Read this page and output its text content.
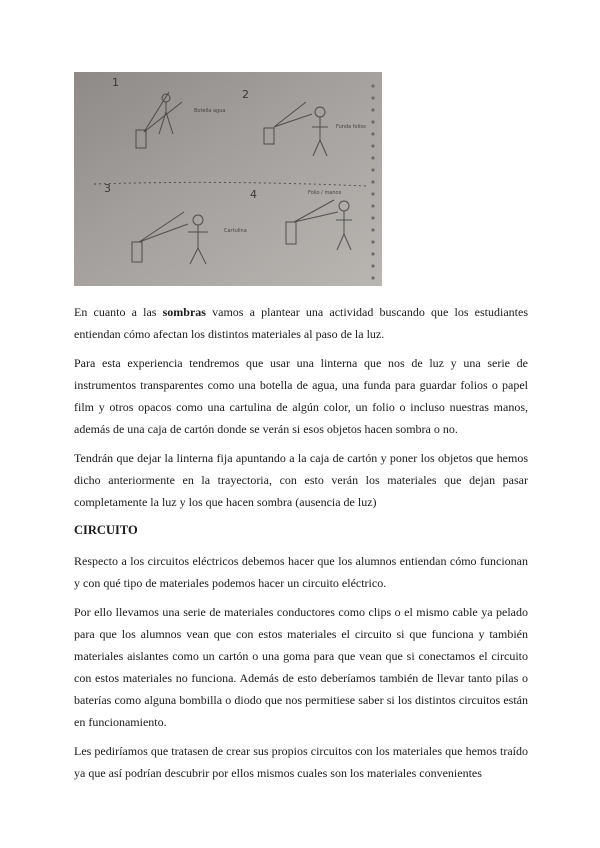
1
2
3	4
Botella agua
Funda folios
Cartulina
Folio / manos

En cuanto a las sombras vamos a plantear una actividad buscando que los estudiantes entiendan cómo afectan los distintos materiales al paso de la luz.

Para esta experiencia tendremos que usar una linterna que nos de luz y una serie de instrumentos transparentes como una botella de agua, una funda para guardar folios o papel film y otros opacos como una cartulina de algún color, un folio o incluso nuestras manos, además de una caja de cartón donde se verán si esos objetos hacen sombra o no.

Tendrán que dejar la linterna fija apuntando a la caja de cartón y poner los objetos que hemos dicho anteriormente en la trayectoria, con esto verán los materiales que dejan pasar completamente la luz y los que hacen sombra (ausencia de luz)

CIRCUITO

Respecto a los circuitos eléctricos debemos hacer que los alumnos entiendan cómo funcionan y con qué tipo de materiales podemos hacer un circuito eléctrico.

Por ello llevamos una serie de materiales conductores como clips o el mismo cable ya pelado para que los alumnos vean que con estos materiales el circuito si que funciona y también materiales aislantes como un cartón o una goma para que vean que si conectamos el circuito con estos materiales no funciona. Además de esto deberíamos también de llevar tanto pilas o baterías como alguna bombilla o diodo que nos permitiese saber si los distintos circuitos están en funcionamiento.

Les pediríamos que tratasen de crear sus propios circuitos con los materiales que hemos traído ya que así podrían descubrir por ellos mismos cuales son los materiales convenientes
